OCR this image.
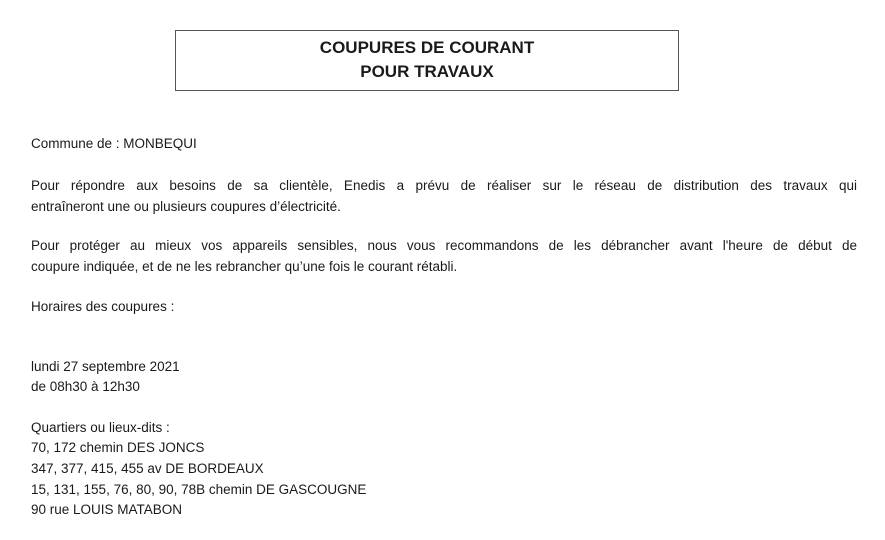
COUPURES DE COURANT
POUR TRAVAUX
Commune de : MONBEQUI
Pour répondre aux besoins de sa clientèle, Enedis a prévu de réaliser sur le réseau de distribution des travaux qui
entraîneront une ou plusieurs coupures d’électricité.
Pour protéger au mieux vos appareils sensibles, nous vous recommandons de les débrancher avant l'heure de début de
coupure indiquée, et de ne les rebrancher qu’une fois le courant rétabli.
Horaires des coupures :
lundi 27 septembre 2021
de 08h30 à 12h30
Quartiers ou lieux-dits :
70, 172 chemin DES JONCS
347, 377, 415, 455 av DE BORDEAUX
15, 131, 155, 76, 80, 90, 78B chemin DE GASCOUGNE
90 rue LOUIS MATABON
